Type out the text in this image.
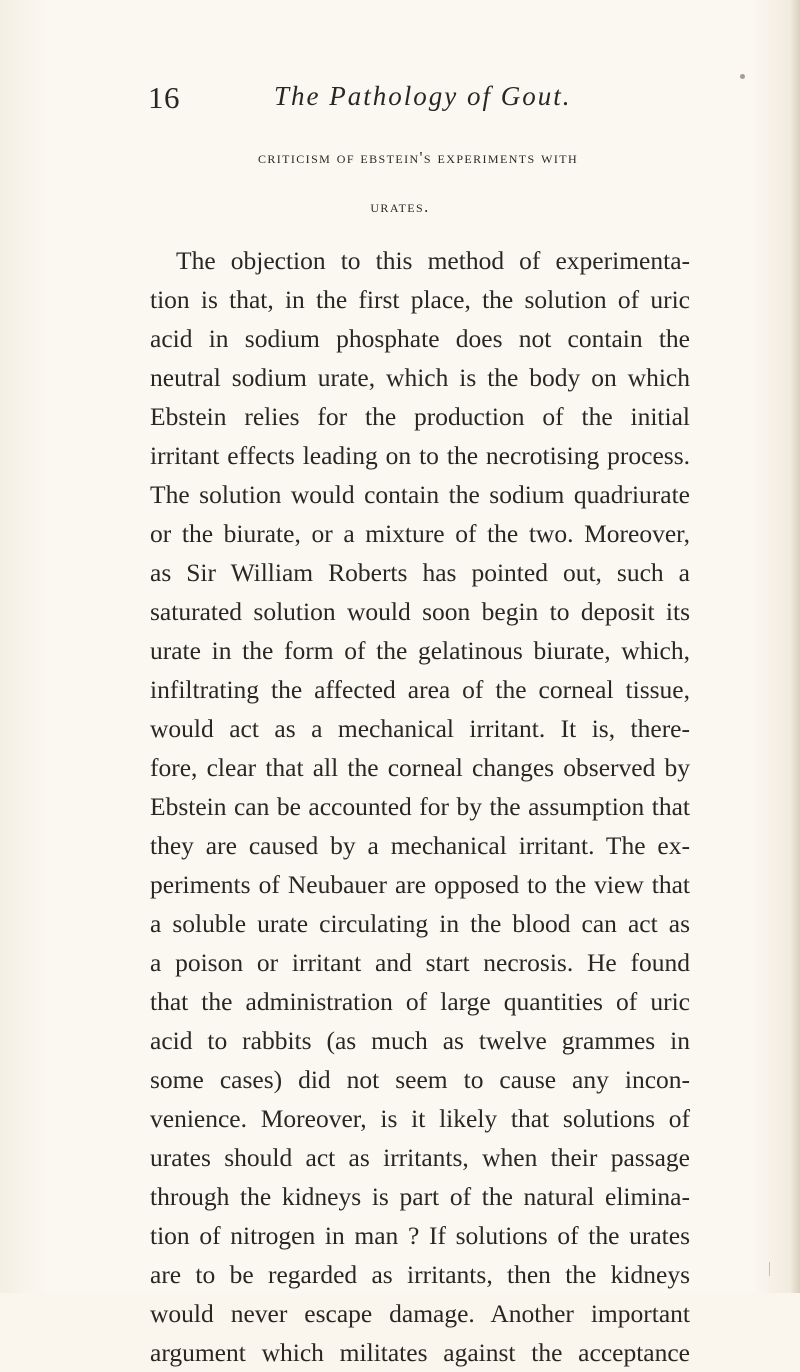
16	The Pathology of Gout.
criticism of ebstein's experiments with
urates.
The objection to this method of experimenta-
tion is that, in the first place, the solution of uric
acid in sodium phosphate does not contain the
neutral sodium urate, which is the body on which
Ebstein relies for the production of the initial
irritant effects leading on to the necrotising process.
The solution would contain the sodium quadriurate
or the biurate, or a mixture of the two. Moreover,
as Sir William Roberts has pointed out, such a
saturated solution would soon begin to deposit its
urate in the form of the gelatinous biurate, which,
infiltrating the affected area of the corneal tissue,
would act as a mechanical irritant. It is, there-
fore, clear that all the corneal changes observed by
Ebstein can be accounted for by the assumption that
they are caused by a mechanical irritant. The ex-
periments of Neubauer are opposed to the view that
a soluble urate circulating in the blood can act as
a poison or irritant and start necrosis. He found
that the administration of large quantities of uric
acid to rabbits (as much as twelve grammes in
some cases) did not seem to cause any incon-
venience. Moreover, is it likely that solutions of
urates should act as irritants, when their passage
through the kidneys is part of the natural elimina-
tion of nitrogen in man ? If solutions of the urates
are to be regarded as irritants, then the kidneys
would never escape damage. Another important
argument which militates against the acceptance
